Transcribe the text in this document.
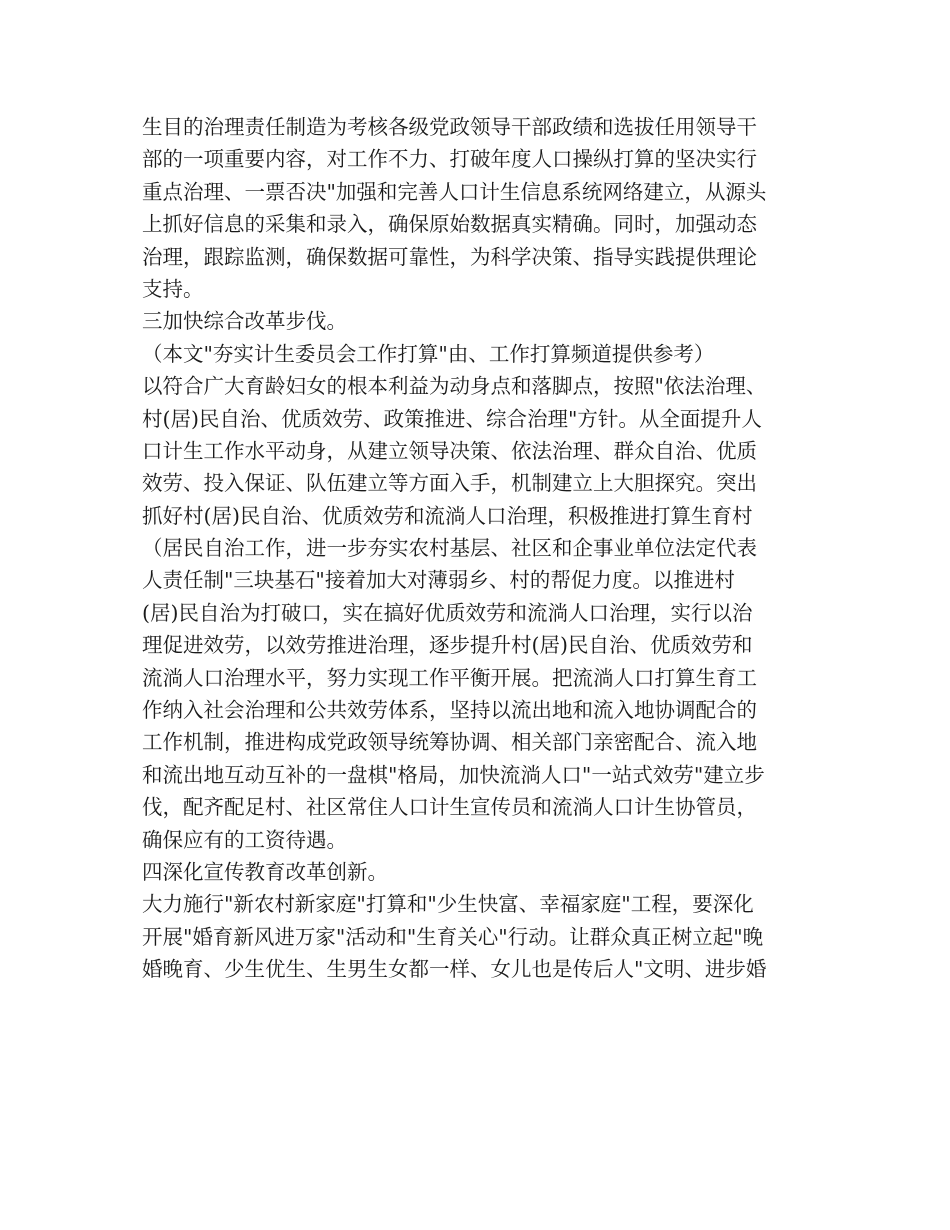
生目的治理责任制造为考核各级党政领导干部政绩和选拔任用领导干
部的一项重要内容，对工作不力、打破年度人口操纵打算的坚决实行
重点治理、一票否决"加强和完善人口计生信息系统网络建立，从源头
上抓好信息的采集和录入，确保原始数据真实精确。同时，加强动态
治理，跟踪监测，确保数据可靠性，为科学决策、指导实践提供理论
支持。
三加快综合改革步伐。
（本文"夯实计生委员会工作打算"由、工作打算频道提供参考）
以符合广大育龄妇女的根本利益为动身点和落脚点，按照"依法治理、
村(居)民自治、优质效劳、政策推进、综合治理"方针。从全面提升人
口计生工作水平动身，从建立领导决策、依法治理、群众自治、优质
效劳、投入保证、队伍建立等方面入手，机制建立上大胆探究。突出
抓好村(居)民自治、优质效劳和流淌人口治理，积极推进打算生育村
（居民自治工作，进一步夯实农村基层、社区和企事业单位法定代表
人责任制"三块基石"接着加大对薄弱乡、村的帮促力度。以推进村
(居)民自治为打破口，实在搞好优质效劳和流淌人口治理，实行以治
理促进效劳，以效劳推进治理，逐步提升村(居)民自治、优质效劳和
流淌人口治理水平，努力实现工作平衡开展。把流淌人口打算生育工
作纳入社会治理和公共效劳体系，坚持以流出地和流入地协调配合的
工作机制，推进构成党政领导统筹协调、相关部门亲密配合、流入地
和流出地互动互补的一盘棋"格局，加快流淌人口"一站式效劳"建立步
伐，配齐配足村、社区常住人口计生宣传员和流淌人口计生协管员，
确保应有的工资待遇。
四深化宣传教育改革创新。
大力施行"新农村新家庭"打算和"少生快富、幸福家庭"工程，要深化
开展"婚育新风进万家"活动和"生育关心"行动。让群众真正树立起"晚
婚晚育、少生优生、生男生女都一样、女儿也是传后人"文明、进步婚
